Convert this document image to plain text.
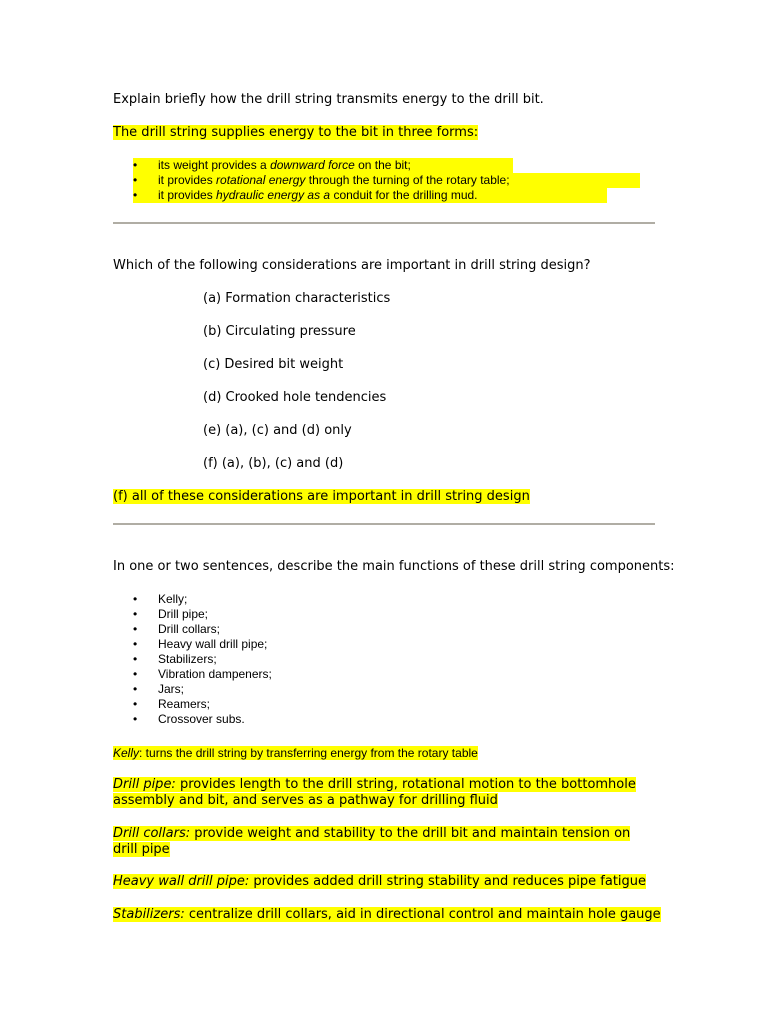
Explain briefly how the drill string transmits energy to the drill bit.
The drill string supplies energy to the bit in three forms:
• its weight provides a downward force on the bit;
• it provides rotational energy through the turning of the rotary table;
• it provides hydraulic energy as a conduit for the drilling mud.
Which of the following considerations are important in drill string design?
(a) Formation characteristics
(b) Circulating pressure
(c) Desired bit weight
(d) Crooked hole tendencies
(e) (a), (c) and (d) only
(f) (a), (b), (c) and (d)
(f) all of these considerations are important in drill string design
In one or two sentences, describe the main functions of these drill string components:
• Kelly;
• Drill pipe;
• Drill collars;
• Heavy wall drill pipe;
• Stabilizers;
• Vibration dampeners;
• Jars;
• Reamers;
• Crossover subs.
Kelly: turns the drill string by transferring energy from the rotary table
Drill pipe: provides length to the drill string, rotational motion to the bottomhole assembly and bit, and serves as a pathway for drilling fluid
Drill collars: provide weight and stability to the drill bit and maintain tension on drill pipe
Heavy wall drill pipe: provides added drill string stability and reduces pipe fatigue
Stabilizers: centralize drill collars, aid in directional control and maintain hole gauge
